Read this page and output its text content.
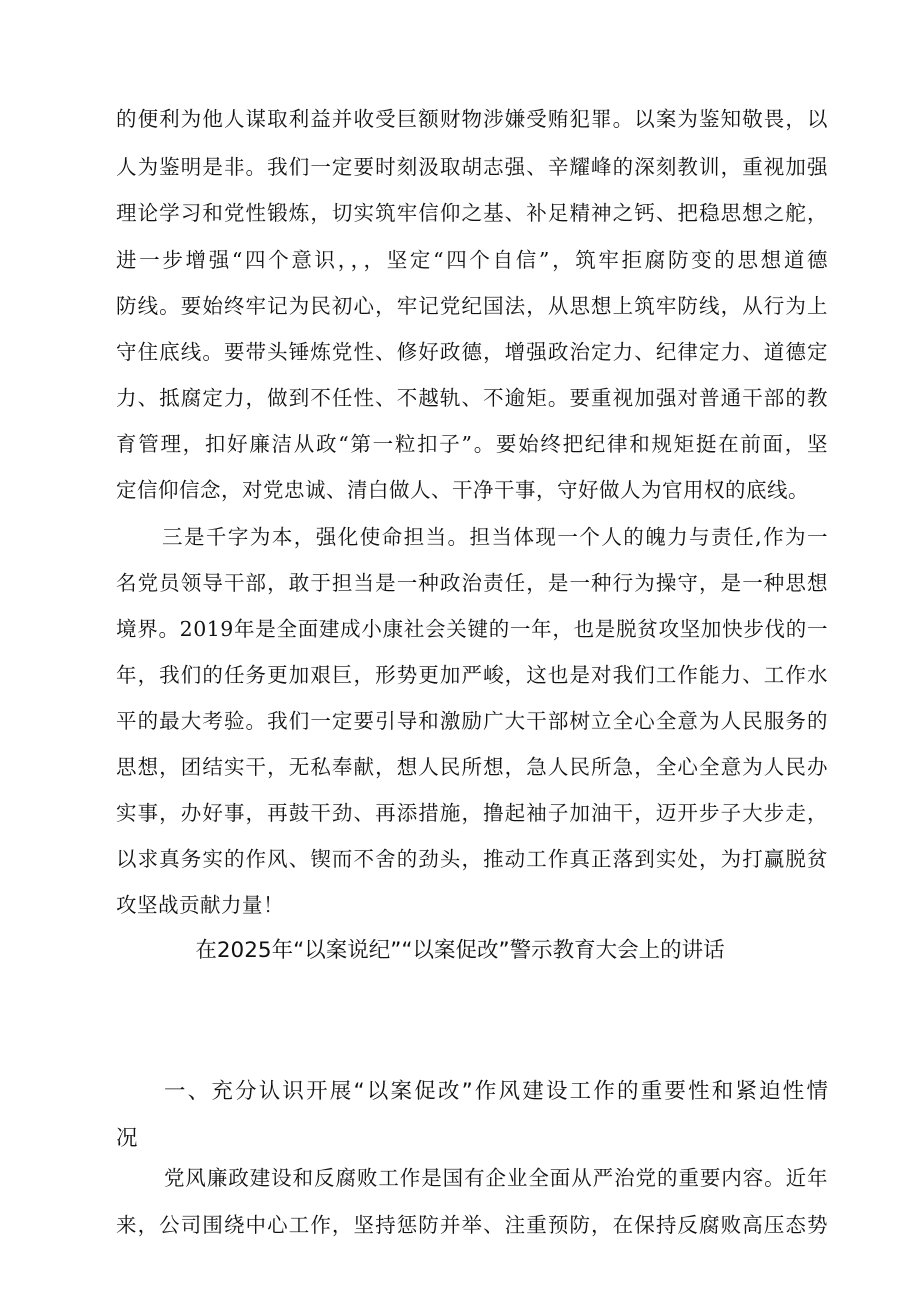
的便利为他人谋取利益并收受巨额财物涉嫌受贿犯罪。以案为鉴知敬畏，以
人为鉴明是非。我们一定要时刻汲取胡志强、辛耀峰的深刻教训，重视加强
理论学习和党性锻炼，切实筑牢信仰之基、补足精神之钙、把稳思想之舵，
进一步增强“四个意识，，，坚定“四个自信”，筑牢拒腐防变的思想道德
防线。要始终牢记为民初心，牢记党纪国法，从思想上筑牢防线，从行为上
守住底线。要带头锤炼党性、修好政德，增强政治定力、纪律定力、道德定
力、抵腐定力，做到不任性、不越轨、不逾矩。要重视加强对普通干部的教
育管理，扣好廉洁从政“第一粒扣子”。要始终把纪律和规矩挺在前面，坚
定信仰信念，对党忠诚、清白做人、干净干事，守好做人为官用权的底线。
三是千字为本，强化使命担当。担当体现一个人的魄力与责任,作为一
名党员领导干部，敢于担当是一种政治责任，是一种行为操守，是一种思想
境界。2019年是全面建成小康社会关键的一年，也是脱贫攻坚加快步伐的一
年，我们的任务更加艰巨，形势更加严峻，这也是对我们工作能力、工作水
平的最大考验。我们一定要引导和激励广大干部树立全心全意为人民服务的
思想，团结实干，无私奉献，想人民所想，急人民所急，全心全意为人民办
实事，办好事，再鼓干劲、再添措施，撸起袖子加油干，迈开步子大步走，
以求真务实的作风、锲而不舍的劲头，推动工作真正落到实处，为打赢脱贫
攻坚战贡献力量！
在2025年“以案说纪”“以案促改”警示教育大会上的讲话
一、充分认识开展“以案促改”作风建设工作的重要性和紧迫性情
况
党风廉政建设和反腐败工作是国有企业全面从严治党的重要内容。近年
来，公司围绕中心工作，坚持惩防并举、注重预防，在保持反腐败高压态势
